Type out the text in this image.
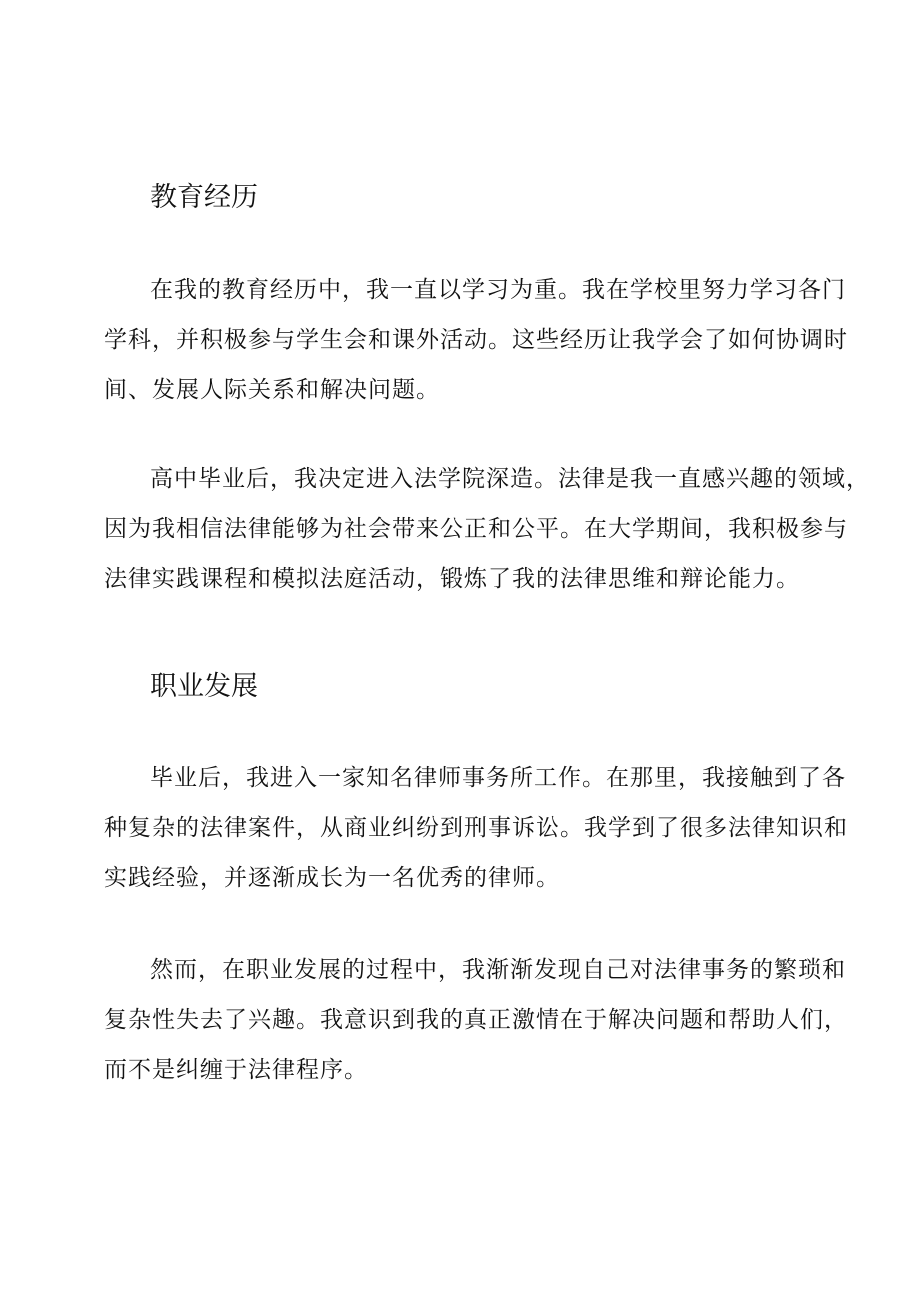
教育经历
在我的教育经历中，我一直以学习为重。我在学校里努力学习各门
学科，并积极参与学生会和课外活动。这些经历让我学会了如何协调时
间、发展人际关系和解决问题。
高中毕业后，我决定进入法学院深造。法律是我一直感兴趣的领域，
因为我相信法律能够为社会带来公正和公平。在大学期间，我积极参与
法律实践课程和模拟法庭活动，锻炼了我的法律思维和辩论能力。
职业发展
毕业后，我进入一家知名律师事务所工作。在那里，我接触到了各
种复杂的法律案件，从商业纠纷到刑事诉讼。我学到了很多法律知识和
实践经验，并逐渐成长为一名优秀的律师。
然而，在职业发展的过程中，我渐渐发现自己对法律事务的繁琐和
复杂性失去了兴趣。我意识到我的真正激情在于解决问题和帮助人们，
而不是纠缠于法律程序。
